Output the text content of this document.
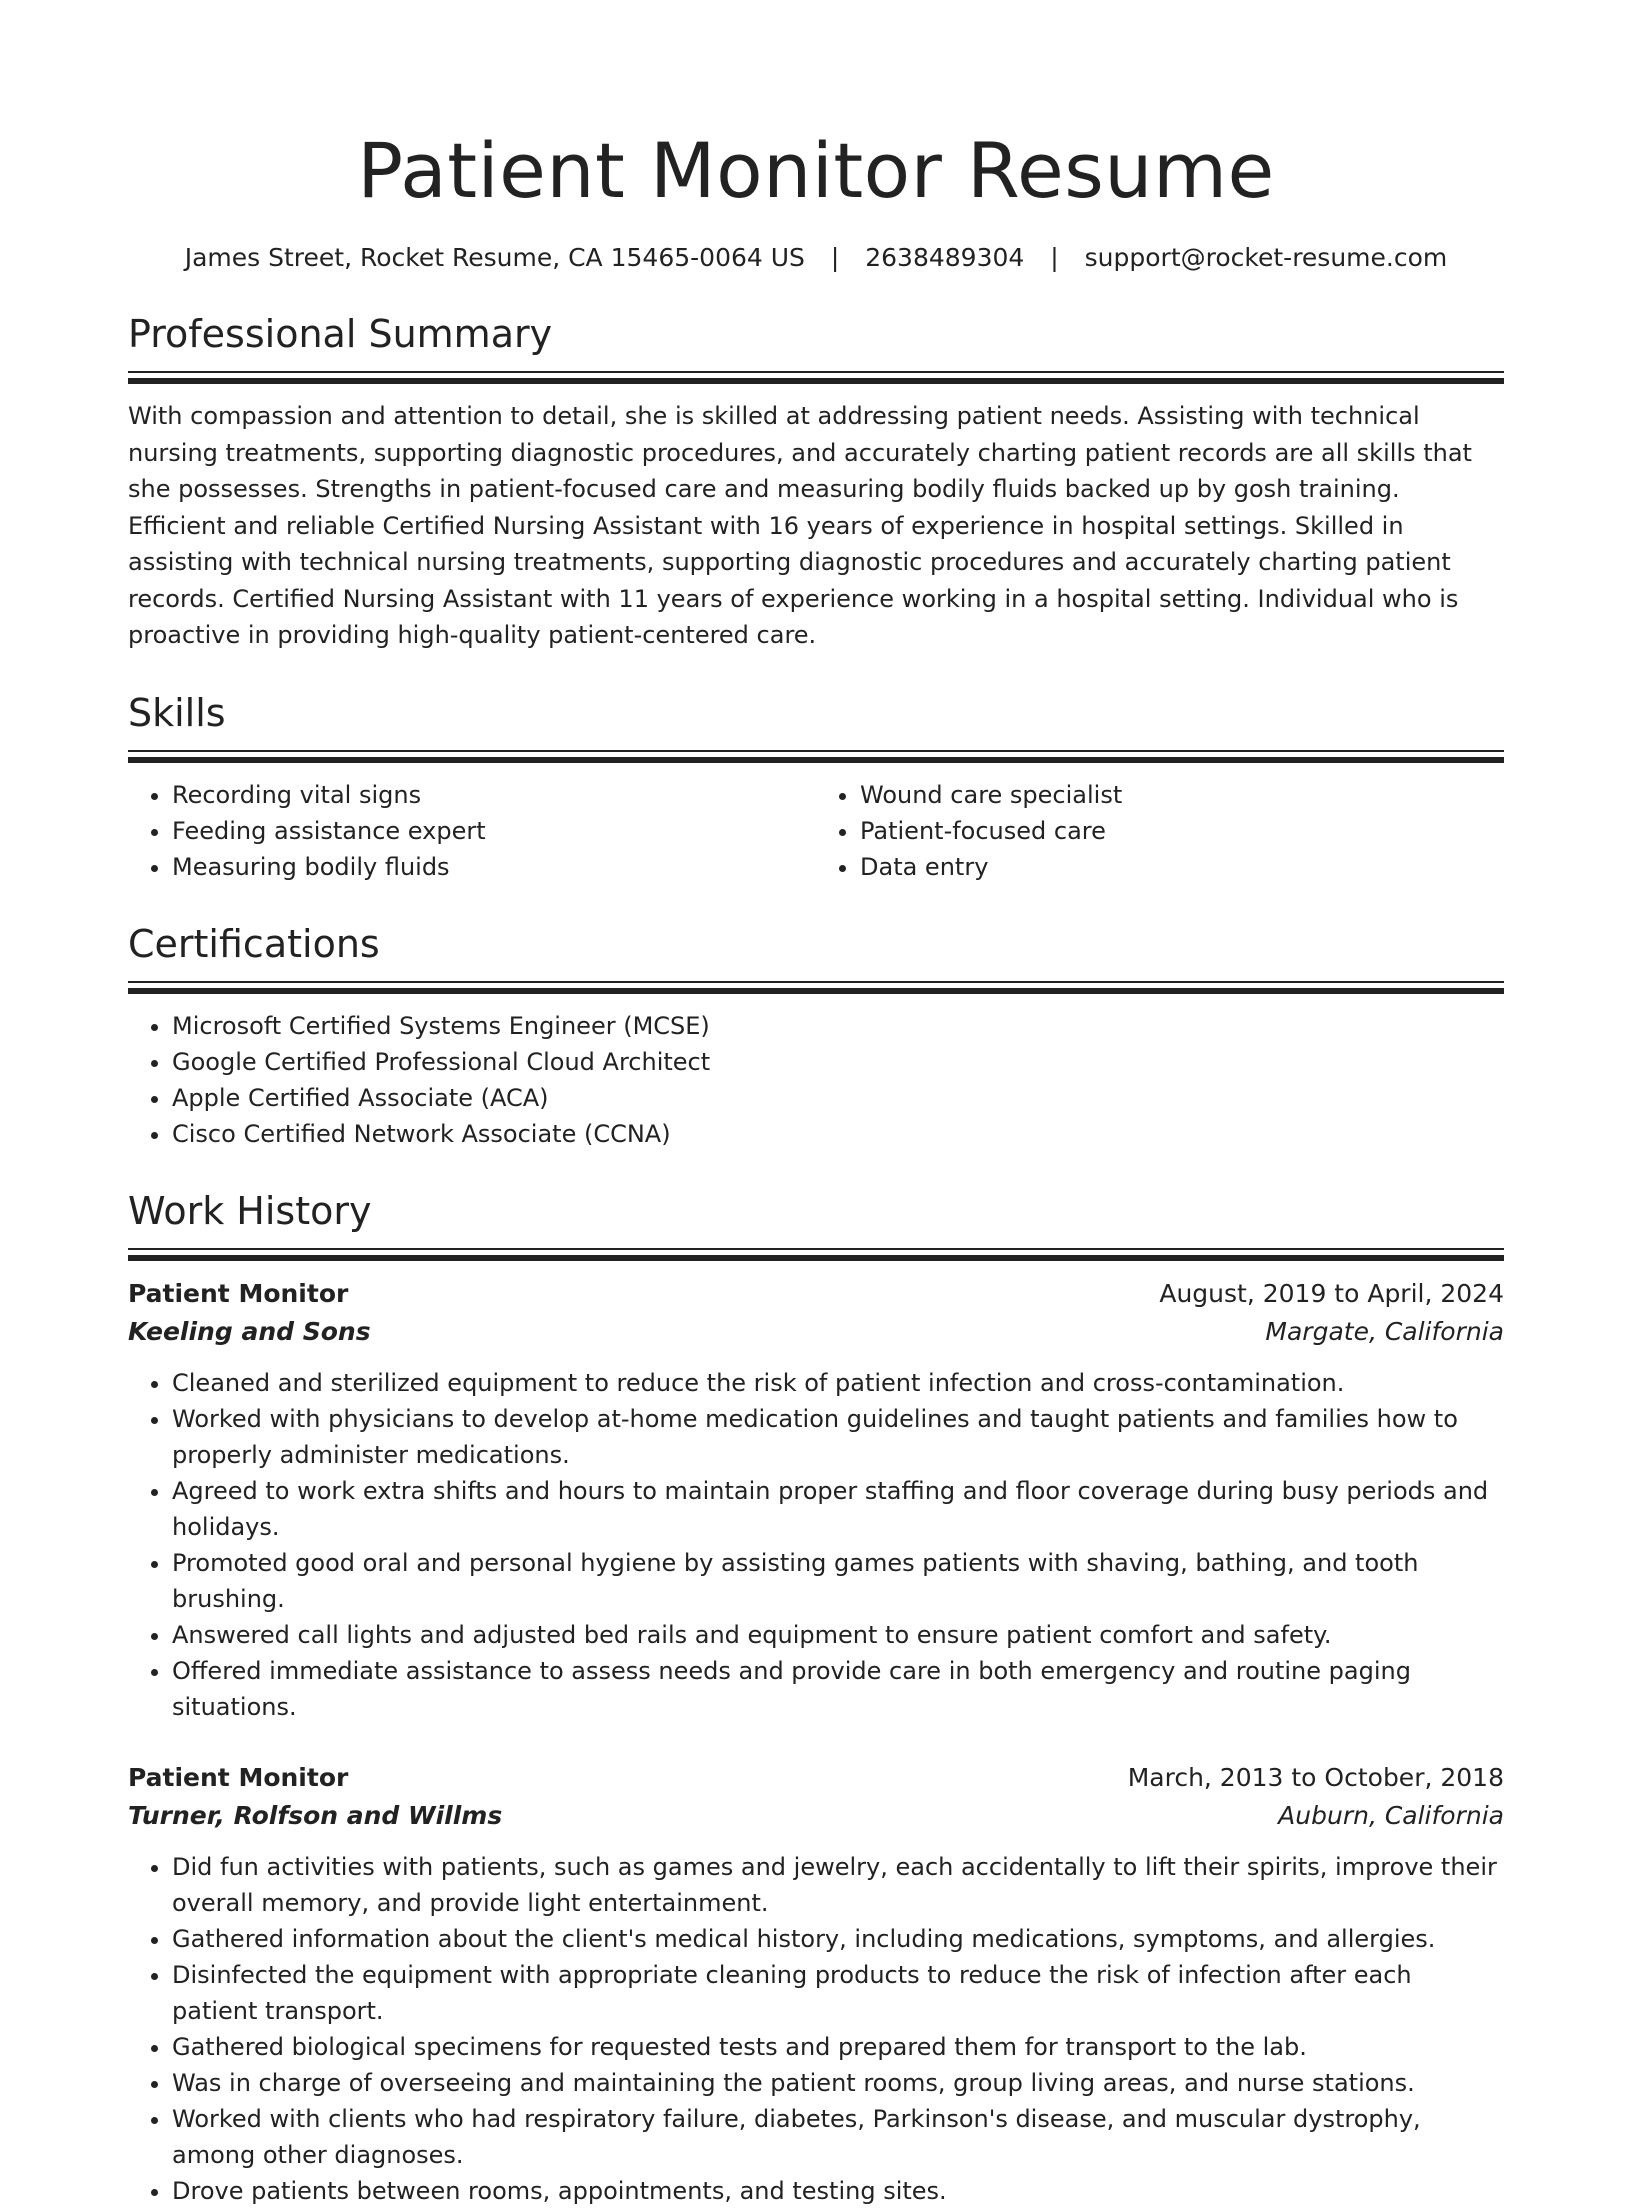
Patient Monitor Resume
James Street, Rocket Resume, CA 15465-0064 US | 2638489304 | support@rocket-resume.com
Professional Summary

With compassion and attention to detail, she is skilled at addressing patient needs. Assisting with technical nursing treatments, supporting diagnostic procedures, and accurately charting patient records are all skills that she possesses. Strengths in patient-focused care and measuring bodily fluids backed up by gosh training. Efficient and reliable Certified Nursing Assistant with 16 years of experience in hospital settings. Skilled in assisting with technical nursing treatments, supporting diagnostic procedures and accurately charting patient records. Certified Nursing Assistant with 11 years of experience working in a hospital setting. Individual who is proactive in providing high-quality patient-centered care.

Skills
• Recording vital signs
• Feeding assistance expert
• Measuring bodily fluids
• Wound care specialist
• Patient-focused care
• Data entry
Certifications
• Microsoft Certified Systems Engineer (MCSE)
• Google Certified Professional Cloud Architect
• Apple Certified Associate (ACA)
• Cisco Certified Network Associate (CCNA)
Work History
Patient Monitor	August, 2019 to April, 2024
Keeling and Sons	Margate, California
• Cleaned and sterilized equipment to reduce the risk of patient infection and cross-contamination.
• Worked with physicians to develop at-home medication guidelines and taught patients and families how to properly administer medications.
• Agreed to work extra shifts and hours to maintain proper staffing and floor coverage during busy periods and holidays.
• Promoted good oral and personal hygiene by assisting games patients with shaving, bathing, and tooth brushing.
• Answered call lights and adjusted bed rails and equipment to ensure patient comfort and safety.
• Offered immediate assistance to assess needs and provide care in both emergency and routine paging situations.
Patient Monitor	March, 2013 to October, 2018
Turner, Rolfson and Willms	Auburn, California
• Did fun activities with patients, such as games and jewelry, each accidentally to lift their spirits, improve their overall memory, and provide light entertainment.
• Gathered information about the client's medical history, including medications, symptoms, and allergies.
• Disinfected the equipment with appropriate cleaning products to reduce the risk of infection after each patient transport.
• Gathered biological specimens for requested tests and prepared them for transport to the lab.
• Was in charge of overseeing and maintaining the patient rooms, group living areas, and nurse stations.
• Worked with clients who had respiratory failure, diabetes, Parkinson's disease, and muscular dystrophy, among other diagnoses.
• Drove patients between rooms, appointments, and testing sites.
